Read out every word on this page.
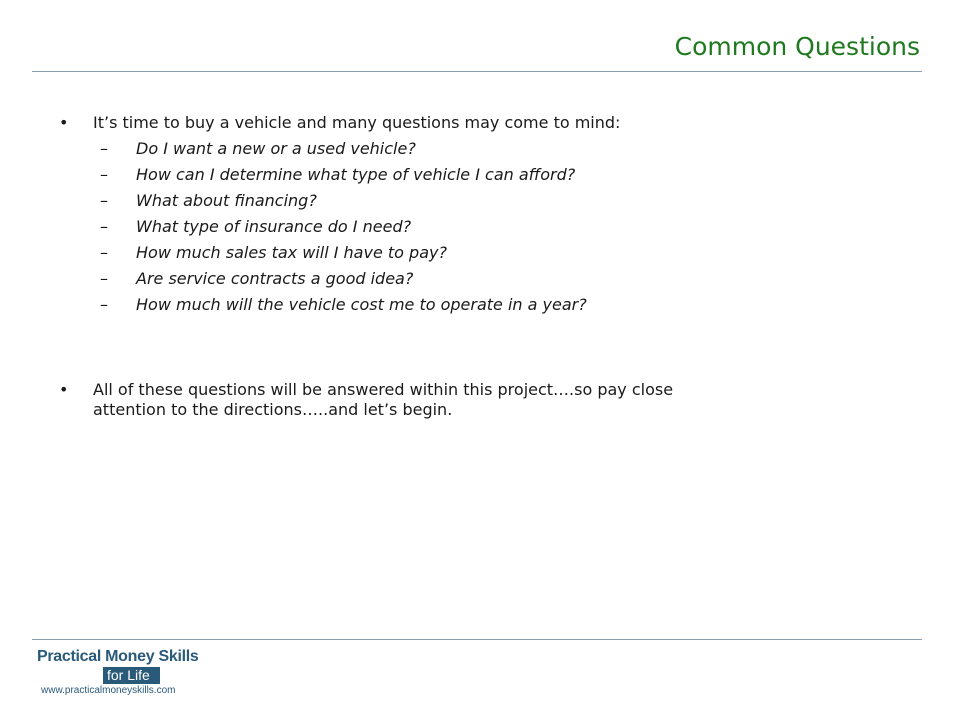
Common Questions
•	It’s time to buy a vehicle and many questions may come to mind:
– Do I want a new or a used vehicle?
– How can I determine what type of vehicle I can afford?
– What about financing?
– What type of insurance do I need?
– How much sales tax will I have to pay?
– Are service contracts a good idea?
– How much will the vehicle cost me to operate in a year?
•	All of these questions will be answered within this project….so pay close
attention to the directions…..and let’s begin.
Practical Money Skills
for Life
www.practicalmoneyskills.com
